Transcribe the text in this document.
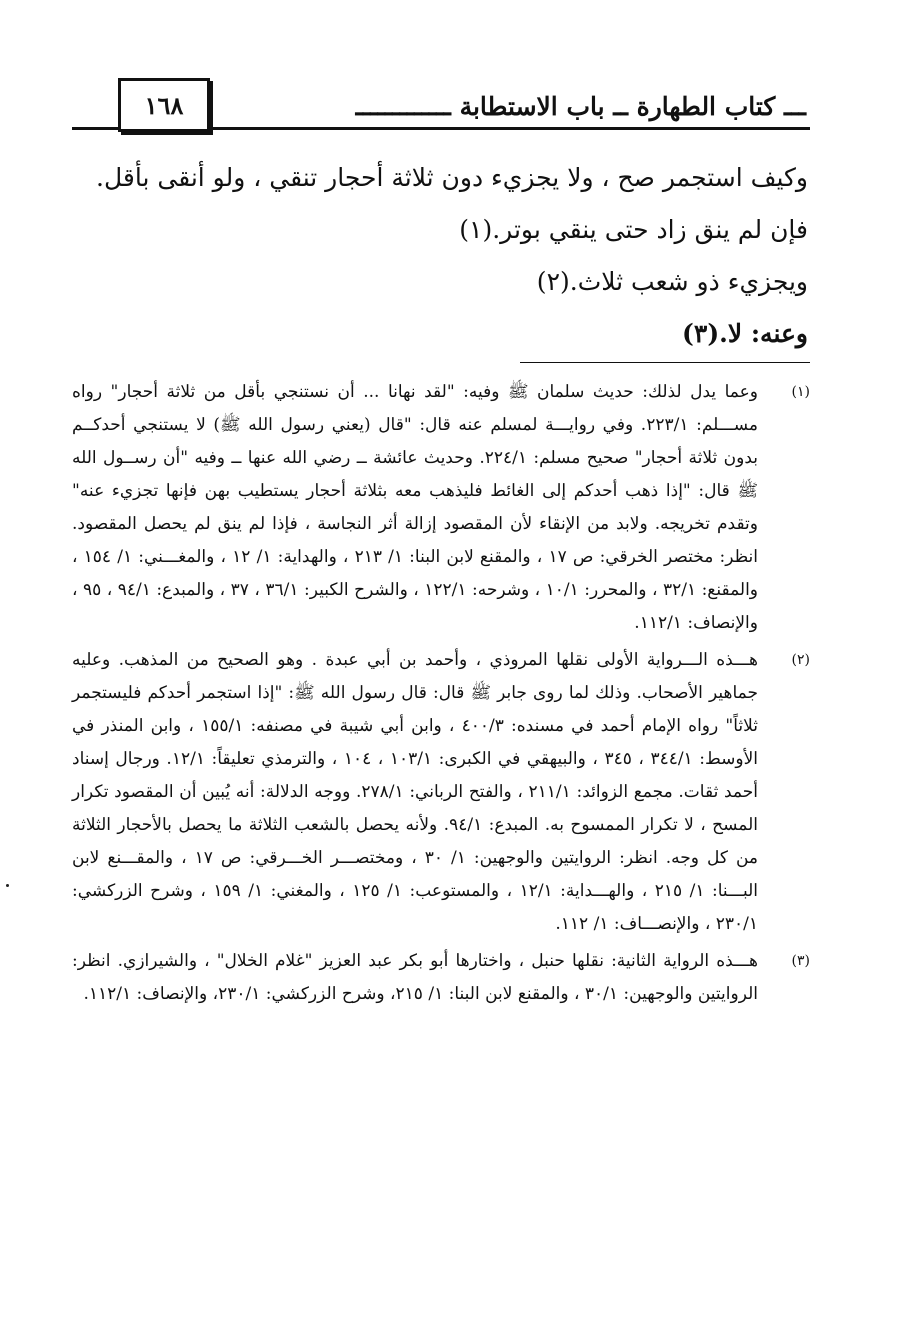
١٦٨	ـــ كتاب الطهارة ــ باب الاستطابة ـــــــــــــ

وكيف استجمر صح ، ولا يجزيء دون ثلاثة أحجار تنقي ، ولو أنقى بأقل.

فإن لم ينق زاد حتى ينقي بوتر.(١)

ويجزيء ذو شعب ثلاث.(٢)

وعنه: لا.(٣)

(١)
وعما يدل لذلك: حديث سلمان ﷺ وفيه: "لقد نهانا ... أن نستنجي بأقل من ثلاثة أحجار" رواه مســـلم: ٢٢٣/١. وفي روايـــة لمسلم عنه قال: "قال (يعني رسول الله ﷺ) لا يستنجي أحدكــم بدون ثلاثة أحجار" صحيح مسلم: ٢٢٤/١. وحديث عائشة ــ رضي الله عنها ــ وفيه "أن رســول الله ﷺ قال: "إذا ذهب أحدكم إلى الغائط فليذهب معه بثلاثة أحجار يستطيب بهن فإنها تجزيء عنه" وتقدم تخريجه. ولابد من الإنقاء لأن المقصود إزالة أثر النجاسة ، فإذا لم ينق لم يحصل المقصود. انظر: مختصر الخرقي: ص ١٧ ، والمقنع لابن البنا: ١/ ٢١٣ ، والهداية: ١/ ١٢ ، والمغـــني: ١/ ١٥٤ ، والمقنع: ٣٢/١ ، والمحرر: ١٠/١ ، وشرحه: ١٢٢/١ ، والشرح الكبير: ٣٦/١ ، ٣٧ ، والمبدع: ٩٤/١ ، ٩٥ ، والإنصاف: ١١٢/١.
(٢)
هـــذه الـــرواية الأولى نقلها المروذي ، وأحمد بن أبي عبدة . وهو الصحيح من المذهب. وعليه جماهير الأصحاب. وذلك لما روى جابر ﷺ قال: قال رسول الله ﷺ: "إذا استجمر أحدكم فليستجمر ثلاثاً" رواه الإمام أحمد في مسنده: ٤٠٠/٣ ، وابن أبي شيبة في مصنفه: ١٥٥/١ ، وابن المنذر في الأوسط: ٣٤٤/١ ، ٣٤٥ ، والبيهقي في الكبرى: ١٠٣/١ ، ١٠٤ ، والترمذي تعليقاً: ١٢/١. ورجال إسناد أحمد ثقات. مجمع الزوائد: ٢١١/١ ، والفتح الرباني: ٢٧٨/١. ووجه الدلالة: أنه يُبين أن المقصود تكرار المسح ، لا تكرار الممسوح به. المبدع: ٩٤/١. ولأنه يحصل بالشعب الثلاثة ما يحصل بالأحجار الثلاثة من كل وجه. انظر: الروايتين والوجهين: ١/ ٣٠ ، ومختصـــر الخـــرقي: ص ١٧ ، والمقـــنع لابن البـــنا: ١/ ٢١٥ ، والهـــداية: ١٢/١ ، والمستوعب: ١/ ١٢٥ ، والمغني: ١/ ١٥٩ ، وشرح الزركشي: ٢٣٠/١ ، والإنصـــاف: ١/ ١١٢.
(٣)
هـــذه الرواية الثانية: نقلها حنبل ، واختارها أبو بكر عبد العزيز "غلام الخلال" ، والشيرازي. انظر: الروايتين والوجهين: ٣٠/١ ، والمقنع لابن البنا: ١/ ٢١٥، وشرح الزركشي: ٢٣٠/١، والإنصاف: ١١٢/١.
